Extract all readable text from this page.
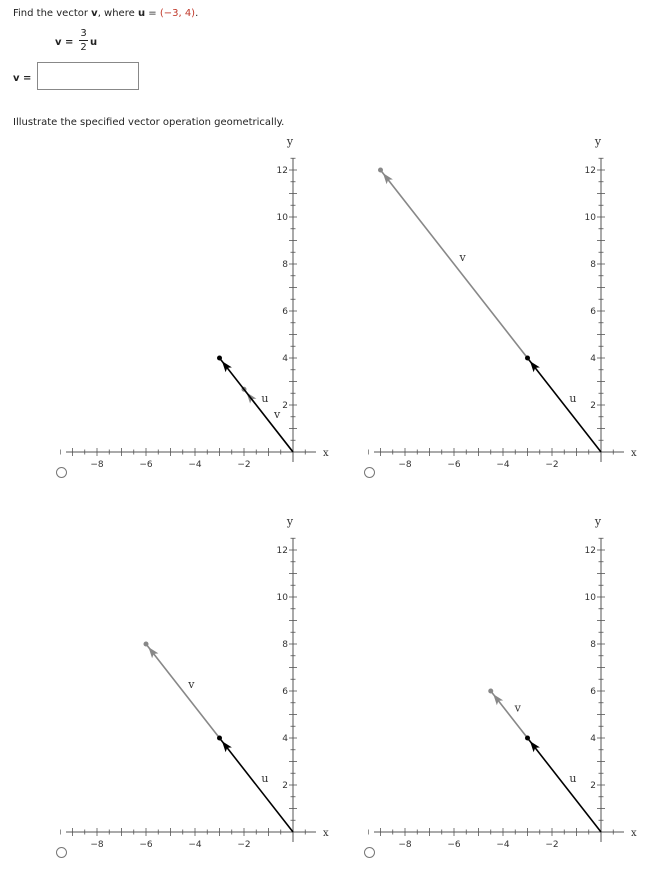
Find the vector v, where u = (−3, 4).
v =
3
2 u
v =
Illustrate the specified vector operation geometrically.
−8	−6	−4	−2
2
4
6
8
10
12
x
y
v
u
−8	−6	−4	−2
2
4
6
8
10
12
x
y
v
u
−8	−6	−4	−2
2
4
6
8
10
12
x
y
v
u
−8	−6	−4	−2
2
4
6
8
10
12
x
y
v
u
